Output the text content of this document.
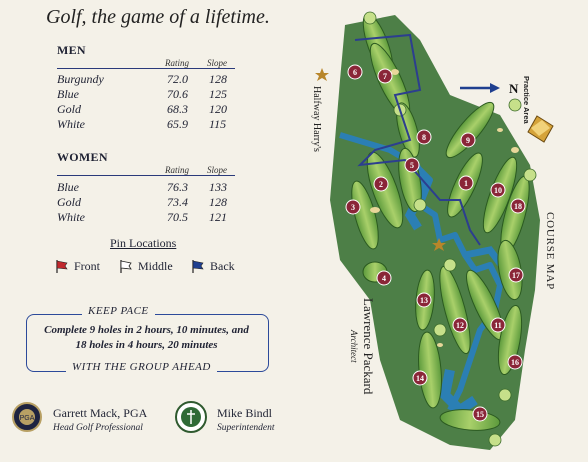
Golf, the game of a lifetime.
MEN
Rating Slope
Burgundy	72.0 128
Blue	70.6 125
Gold	68.3 120
White	65.9 115
WOMEN
Rating Slope
Blue	76.3 133
Gold	73.4 128
White	70.5 121
Pin Locations
Front	Middle	Back
KEEP PACE
Complete 9 holes in 2 hours, 10 minutes, and
18 holes in 4 hours, 20 minutes
WITH THE GROUP AHEAD
PGA Garrett Mack, PGA
Head Golf Professional
Mike Bindl
Superintendent
6	7
8	9
5
2	1
10
18
3
4	17
13
12	11
16
14
15
N
Halfway Harry's	Practice Area
COURSE MAP
Lawrence Packard
Architect
